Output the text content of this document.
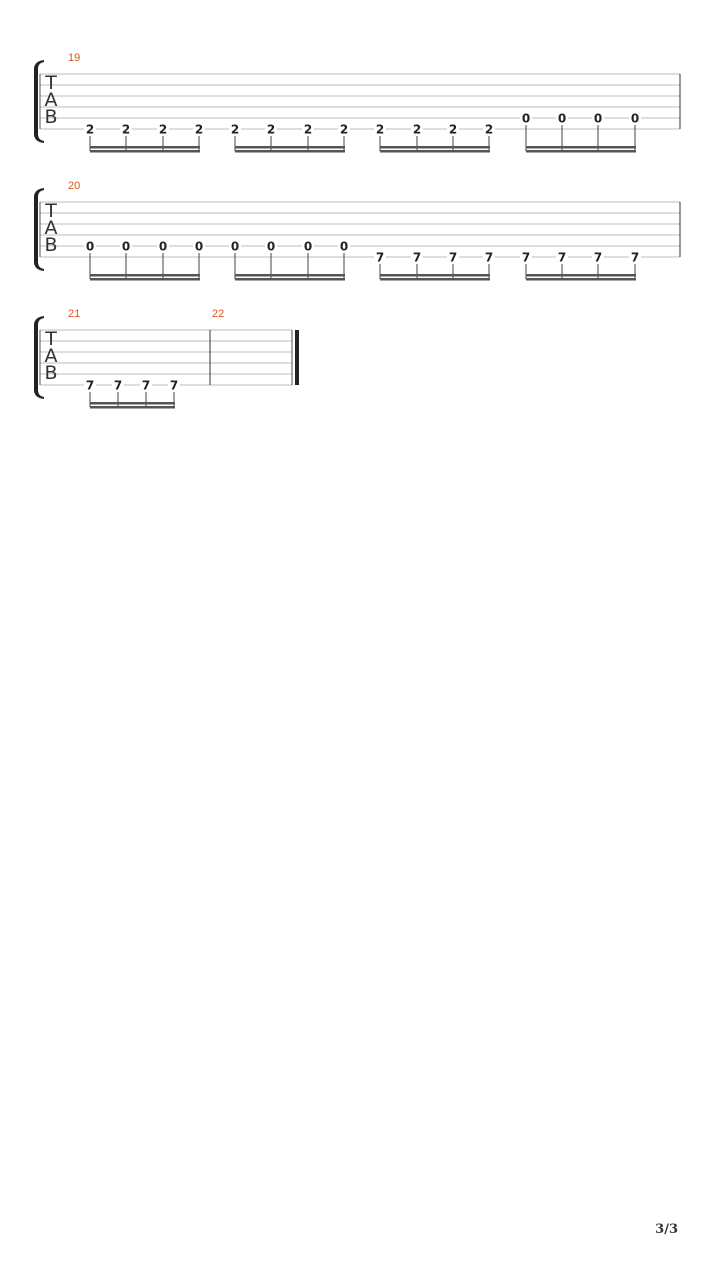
T
A
B
19
2 2 2 2 2 2 2 2 2 2 2 2
0 0 0 0
T
A
B
20
0 0 0 0 0 0 0 0
7 7 7 7 7 7 7 7
T
A
B
21
7 7 7 7
22
3/3
